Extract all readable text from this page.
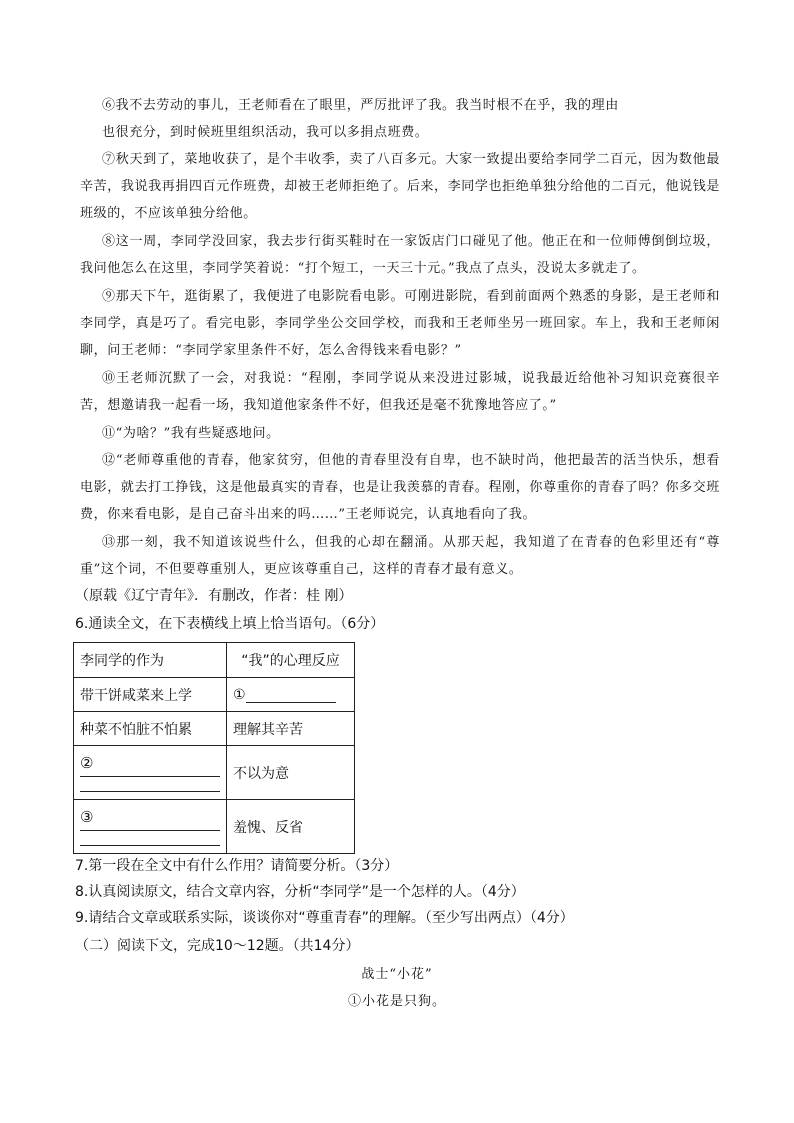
⑥我不去劳动的事儿，王老师看在了眼里，严厉批评了我。我当时根不在乎，我的理由

也很充分，到时候班里组织活动，我可以多捐点班费。

⑦秋天到了，菜地收获了，是个丰收季，卖了八百多元。大家一致提出要给李同学二百元，因为数他最辛苦，我说我再捐四百元作班费，却被王老师拒绝了。后来，李同学也拒绝单独分给他的二百元，他说钱是班级的，不应该单独分给他。

⑧这一周，李同学没回家，我去步行街买鞋时在一家饭店门口碰见了他。他正在和一位师傅倒倒垃圾，我问他怎么在这里，李同学笑着说：“打个短工，一天三十元。”我点了点头，没说太多就走了。

⑨那天下午，逛街累了，我便进了电影院看电影。可刚进影院，看到前面两个熟悉的身影，是王老师和李同学，真是巧了。看完电影，李同学坐公交回学校，而我和王老师坐另一班回家。车上，我和王老师闲聊，问王老师：“李同学家里条件不好，怎么舍得钱来看电影？”

⑩王老师沉默了一会，对我说：“程刚，李同学说从来没进过影城，说我最近给他补习知识竞赛很辛苦，想邀请我一起看一场，我知道他家条件不好，但我还是毫不犹豫地答应了。”

⑪“为啥？”我有些疑惑地问。

⑫“老师尊重他的青春，他家贫穷，但他的青春里没有自卑，也不缺时尚，他把最苦的活当快乐，想看电影，就去打工挣钱，这是他最真实的青春，也是让我羡慕的青春。程刚，你尊重你的青春了吗？你多交班费，你来看电影，是自己奋斗出来的吗……”王老师说完，认真地看向了我。

⑬那一刻，我不知道该说些什么，但我的心却在翻涌。从那天起，我知道了在青春的色彩里还有“尊重”这个词，不但要尊重别人，更应该尊重自己，这样的青春才最有意义。

（原载《辽宁青年》．有删改，作者：桂 刚）

6.通读全文，在下表横线上填上恰当语句。（6分）

李同学的作为	“我”的心理反应
带干饼咸菜来上学	①
种菜不怕脏不怕累	理解其辛苦

②	不以为意

③	羞愧、反省

7.第一段在全文中有什么作用？请简要分析。（3分）

8.认真阅读原文，结合文章内容，分析“李同学”是一个怎样的人。（4分）

9.请结合文章或联系实际，谈谈你对“尊重青春”的理解。（至少写出两点）（4分）

（二）阅读下文，完成10～12题。（共14分）

战士“小花”

①小花是只狗。
